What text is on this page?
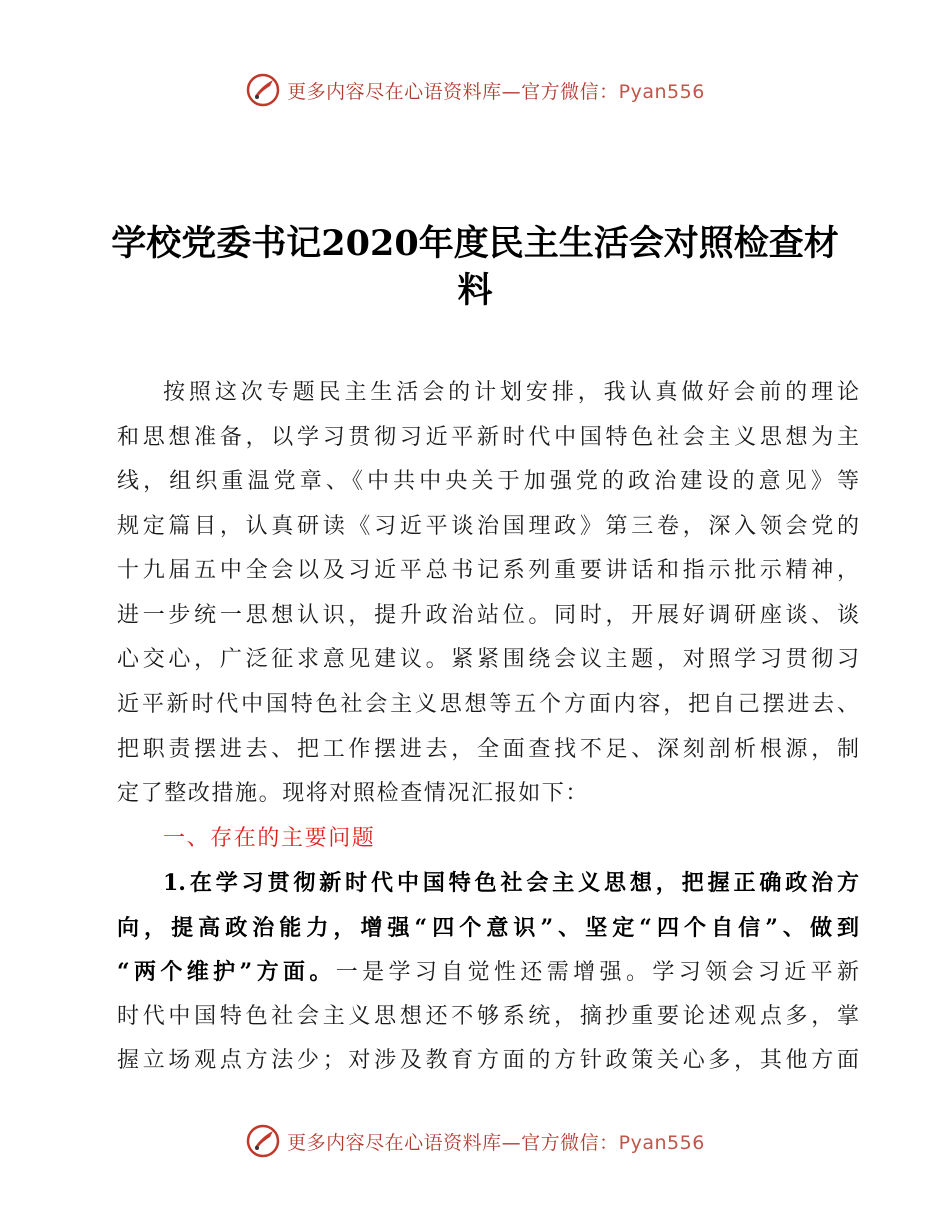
更多内容尽在心语资料库—官方微信：Pyan556
学校党委书记2020年度民主生活会对照检查材
料
按照这次专题民主生活会的计划安排，我认真做好会前的理论
和思想准备，以学习贯彻习近平新时代中国特色社会主义思想为主
线，组织重温党章、《中共中央关于加强党的政治建设的意见》等
规定篇目，认真研读《习近平谈治国理政》第三卷，深入领会党的
十九届五中全会以及习近平总书记系列重要讲话和指示批示精神，
进一步统一思想认识，提升政治站位。同时，开展好调研座谈、谈
心交心，广泛征求意见建议。紧紧围绕会议主题，对照学习贯彻习
近平新时代中国特色社会主义思想等五个方面内容，把自己摆进去、
把职责摆进去、把工作摆进去，全面查找不足、深刻剖析根源，制
定了整改措施。现将对照检查情况汇报如下：
一、存在的主要问题
1.在学习贯彻新时代中国特色社会主义思想，把握正确政治方
向，提高政治能力，增强“四个意识”、坚定“四个自信”、做到
“两个维护”方面。一是学习自觉性还需增强。学习领会习近平新
时代中国特色社会主义思想还不够系统，摘抄重要论述观点多，掌
握立场观点方法少；对涉及教育方面的方针政策关心多，其他方面
更多内容尽在心语资料库—官方微信：Pyan556
